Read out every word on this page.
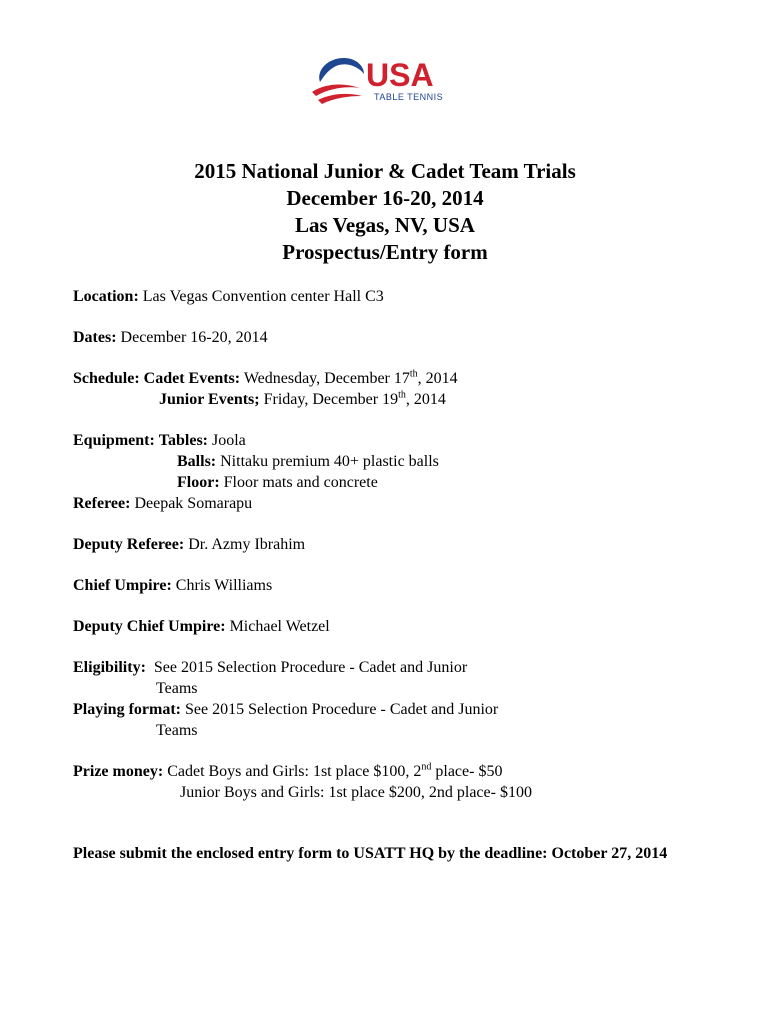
USA
TABLE TENNIS
2015 National Junior & Cadet Team Trials
December 16-20, 2014
Las Vegas, NV, USA
Prospectus/Entry form
Location: Las Vegas Convention center Hall C3
Dates: December 16-20, 2014
Schedule: Cadet Events: Wednesday, December 17th, 2014
Junior Events; Friday, December 19th, 2014
Equipment: Tables: Joola
Balls: Nittaku premium 40+ plastic balls
Floor: Floor mats and concrete
Referee: Deepak Somarapu
Deputy Referee: Dr. Azmy Ibrahim
Chief Umpire: Chris Williams
Deputy Chief Umpire: Michael Wetzel
Eligibility: See 2015 Selection Procedure - Cadet and Junior
Teams
Playing format: See 2015 Selection Procedure - Cadet and Junior
Teams
Prize money: Cadet Boys and Girls: 1st place $100, 2nd place- $50
Junior Boys and Girls: 1st place $200, 2nd place- $100
Please submit the enclosed entry form to USATT HQ by the deadline: October 27, 2014
